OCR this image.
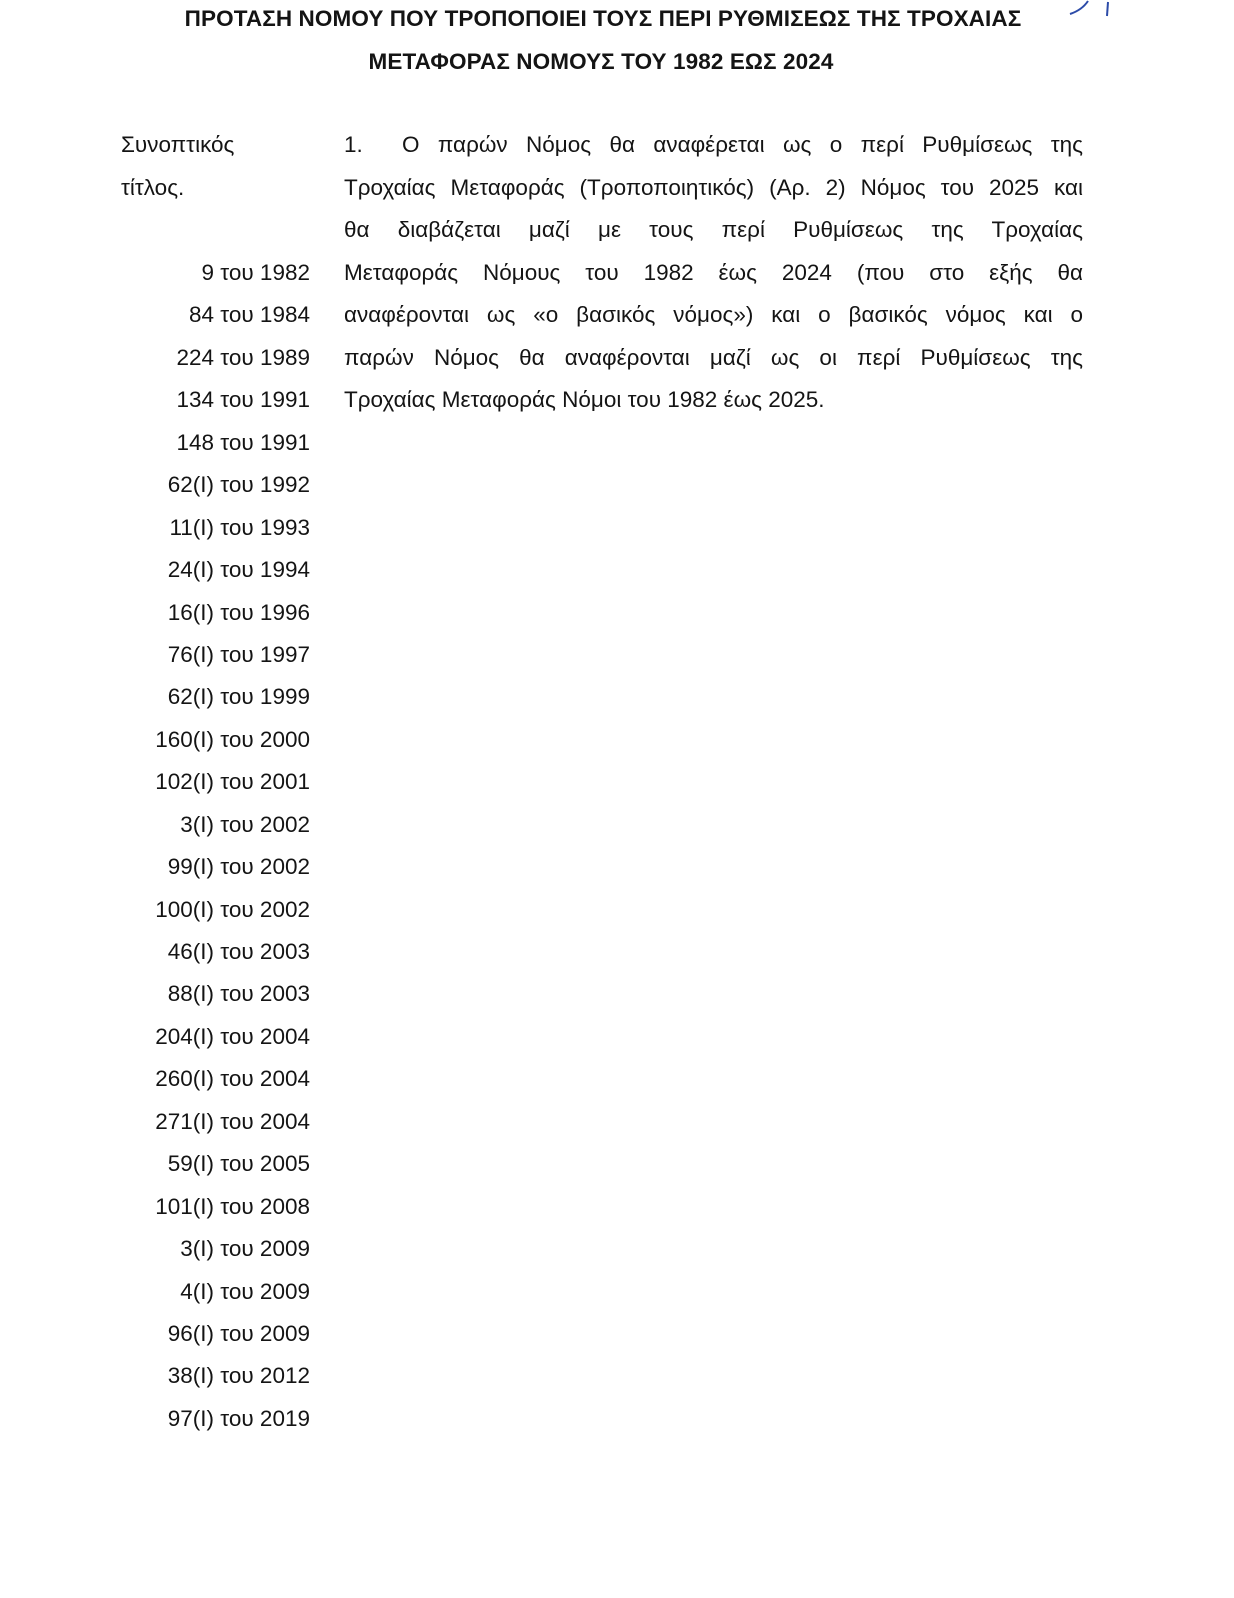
ΠΡΟΤΑΣΗ ΝΟΜΟΥ ΠΟΥ ΤΡΟΠΟΠΟΙΕΙ ΤΟΥΣ ΠΕΡΙ ΡΥΘΜΙΣΕΩΣ ΤΗΣ ΤΡΟΧΑΙΑΣ
ΜΕΤΑΦΟΡΑΣ ΝΟΜΟΥΣ ΤΟΥ 1982 ΕΩΣ 2024
Συνοπτικός
τίτλος.
9 του 1982
84 του 1984
224 του 1989
134 του 1991
148 του 1991
62(I) του 1992
11(I) του 1993
24(I) του 1994
16(I) του 1996
76(I) του 1997
62(I) του 1999
160(I) του 2000
102(I) του 2001
3(I) του 2002
99(I) του 2002
100(I) του 2002
46(I) του 2003
88(I) του 2003
204(I) του 2004
260(I) του 2004
271(I) του 2004
59(I) του 2005
101(I) του 2008
3(I) του 2009
4(I) του 2009
96(I) του 2009
38(I) του 2012
97(I) του 2019
1. Ο παρών Νόμος θα αναφέρεται ως ο περί Ρυθμίσεως της
Τροχαίας Μεταφοράς (Τροποποιητικός) (Αρ. 2) Νόμος του 2025 και
θα διαβάζεται μαζί με τους περί Ρυθμίσεως της Τροχαίας
Μεταφοράς Νόμους του 1982 έως 2024 (που στο εξής θα
αναφέρονται ως «ο βασικός νόμος») και ο βασικός νόμος και ο
παρών Νόμος θα αναφέρονται μαζί ως οι περί Ρυθμίσεως της
Τροχαίας Μεταφοράς Νόμοι του 1982 έως 2025.
